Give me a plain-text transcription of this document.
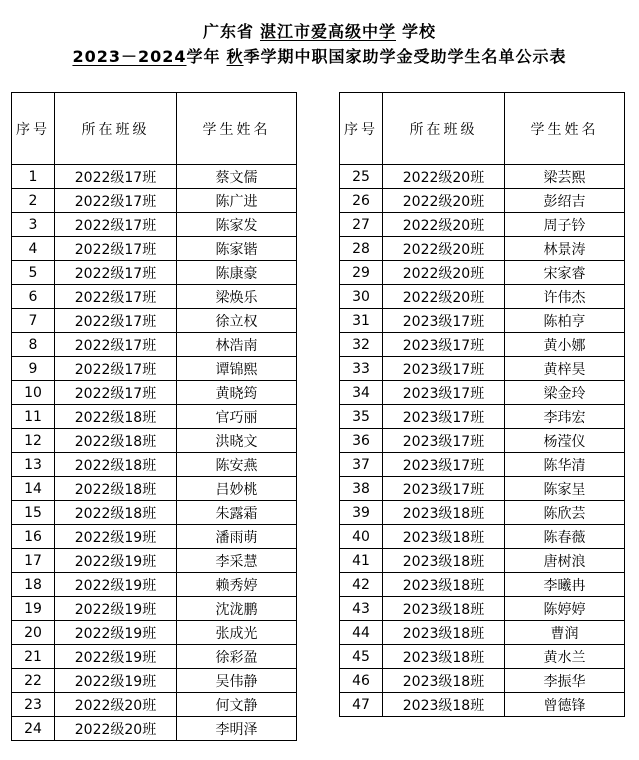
广东省 湛江市爱高级中学 学校
2023－2024学年 秋季学期中职国家助学金受助学生名单公示表
序号	所在班级	学生姓名
1	2022级17班	蔡文儒
2	2022级17班	陈广进
3	2022级17班	陈家发
4	2022级17班	陈家锴
5	2022级17班	陈康豪
6	2022级17班	梁焕乐
7	2022级17班	徐立权
8	2022级17班	林浩南
9	2022级17班	谭锦熙
10	2022级17班	黄晓筠
11	2022级18班	官巧丽
12	2022级18班	洪晓文
13	2022级18班	陈安燕
14	2022级18班	吕妙桃
15	2022级18班	朱露霜
16	2022级19班	潘雨萌
17	2022级19班	李采慧
18	2022级19班	赖秀婷
19	2022级19班	沈泷鹏
20	2022级19班	张成光
21	2022级19班	徐彩盈
22	2022级19班	吴伟静
23	2022级20班	何文静
24	2022级20班	李明泽
序号	所在班级	学生姓名
25	2022级20班	梁芸熙
26	2022级20班	彭绍吉
27	2022级20班	周子钤
28	2022级20班	林景涛
29	2022级20班	宋家睿
30	2022级20班	许伟杰
31	2023级17班	陈柏亨
32	2023级17班	黄小娜
33	2023级17班	黄梓昊
34	2023级17班	梁金玲
35	2023级17班	李玮宏
36	2023级17班	杨滢仪
37	2023级17班	陈华清
38	2023级17班	陈家呈
39	2023级18班	陈欣芸
40	2023级18班	陈春薇
41	2023级18班	唐树浪
42	2023级18班	李曦冉
43	2023级18班	陈婷婷
44	2023级18班	曹润
45	2023级18班	黄水兰
46	2023级18班	李振华
47	2023级18班	曾德锋
